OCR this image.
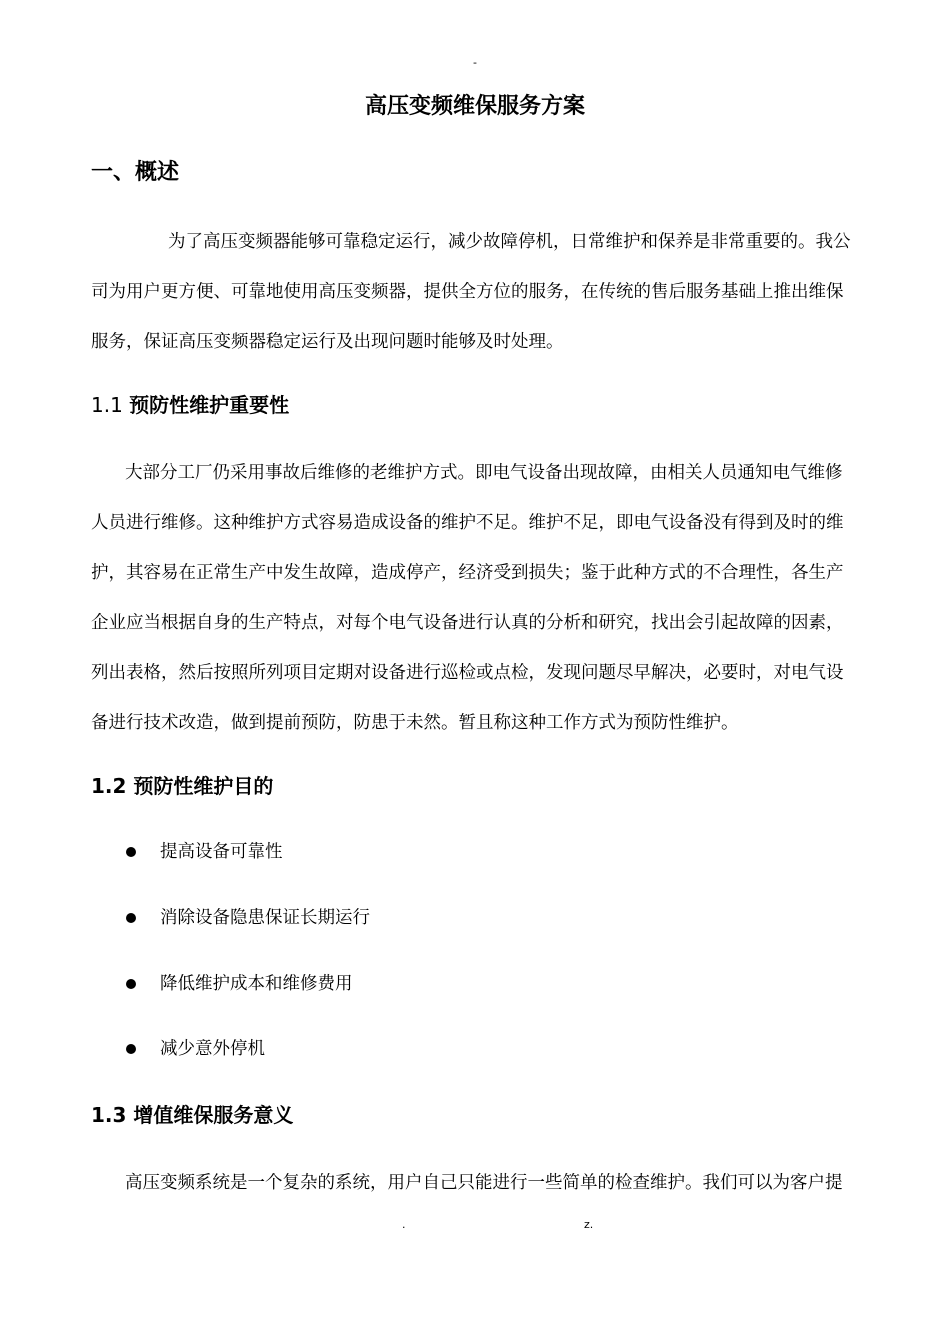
-
高压变频维保服务方案
一、概述
为了高压变频器能够可靠稳定运行，减少故障停机，日常维护和保养是非常重要的。我公
司为用户更方便、可靠地使用高压变频器，提供全方位的服务，在传统的售后服务基础上推出维保
服务，保证高压变频器稳定运行及出现问题时能够及时处理。
1.1 预防性维护重要性
大部分工厂仍采用事故后维修的老维护方式。即电气设备出现故障，由相关人员通知电气维修
人员进行维修。这种维护方式容易造成设备的维护不足。维护不足，即电气设备没有得到及时的维
护，其容易在正常生产中发生故障，造成停产，经济受到损失；鉴于此种方式的不合理性，各生产
企业应当根据自身的生产特点，对每个电气设备进行认真的分析和研究，找出会引起故障的因素，
列出表格，然后按照所列项目定期对设备进行巡检或点检，发现问题尽早解决，必要时，对电气设
备进行技术改造，做到提前预防，防患于未然。暂且称这种工作方式为预防性维护。
1.2 预防性维护目的
提高设备可靠性
消除设备隐患保证长期运行
降低维护成本和维修费用
减少意外停机
1.3 增值维保服务意义
高压变频系统是一个复杂的系统，用户自己只能进行一些简单的检查维护。我们可以为客户提
.	z.
